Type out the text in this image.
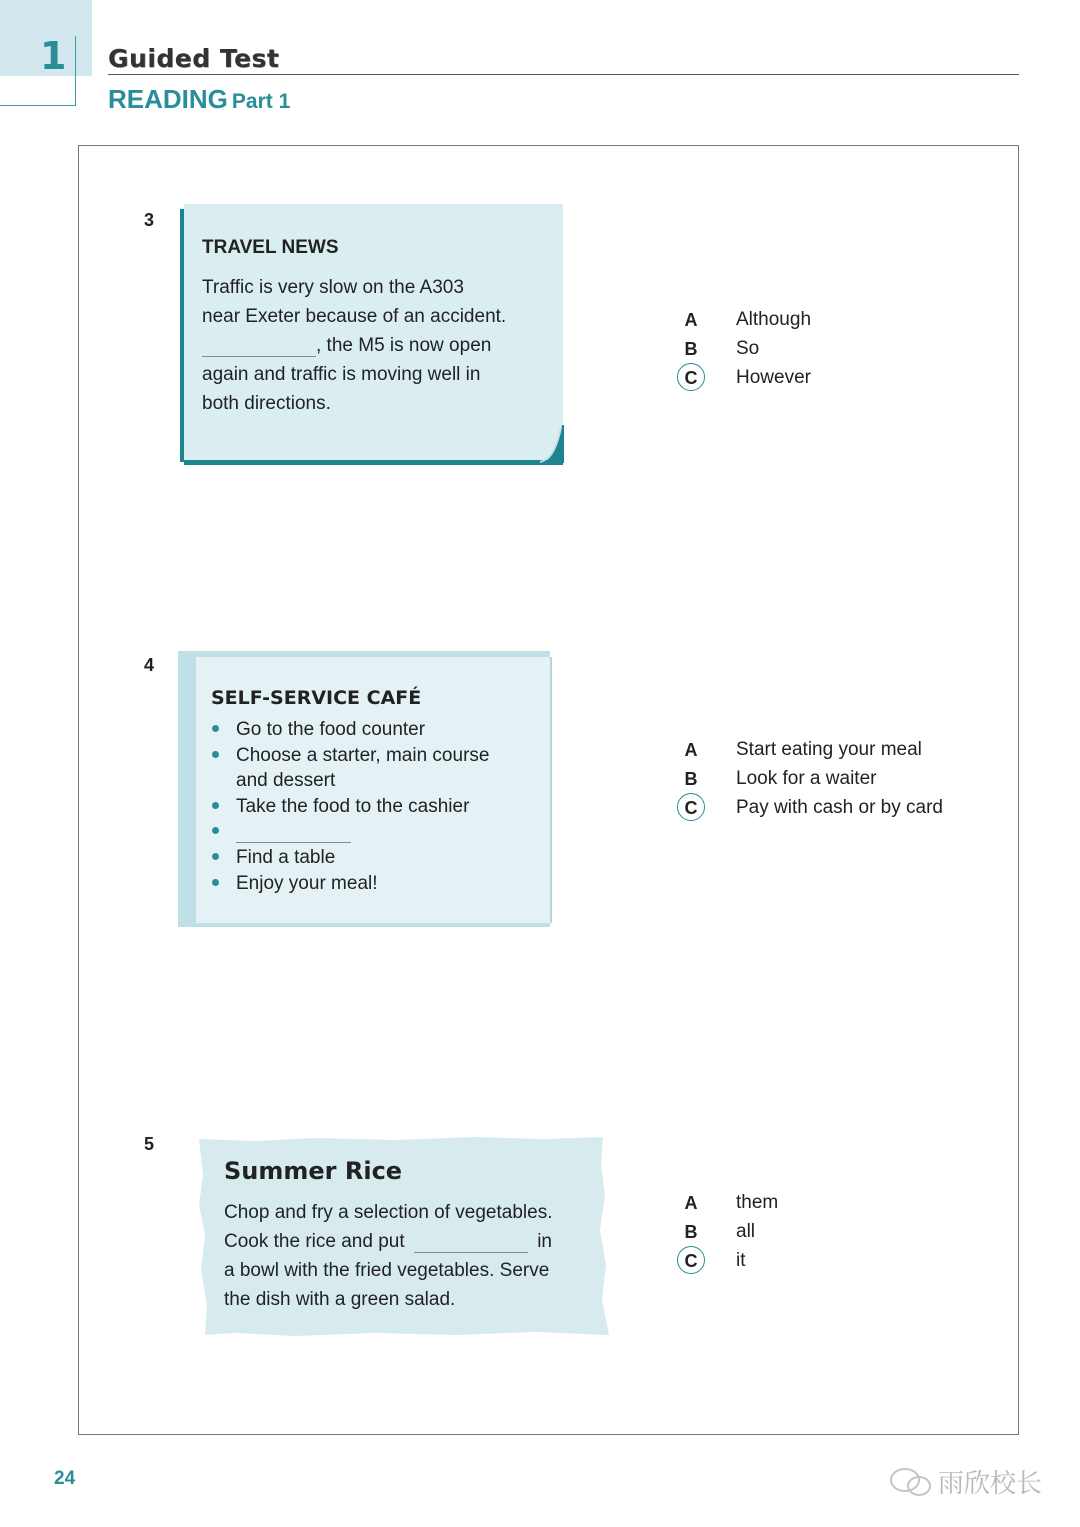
1 Guided Test
READING Part 1
3
TRAVEL NEWS
Traffic is very slow on the A303
near Exeter because of an accident.
, the M5 is now open
again and traffic is moving well in
both directions.
A Although
B So
C However
4
SELF-SERVICE CAFÉ
Go to the food counter
Choose a starter, main course
and dessert
Take the food to the cashier
Find a table
Enjoy your meal!
A Start eating your meal
B Look for a waiter
C Pay with cash or by card
5
Summer Rice
Chop and fry a selection of vegetables.
Cook the rice and put	in
a bowl with the fried vegetables. Serve
the dish with a green salad.
A them
B all
C it
24	雨欣校长
